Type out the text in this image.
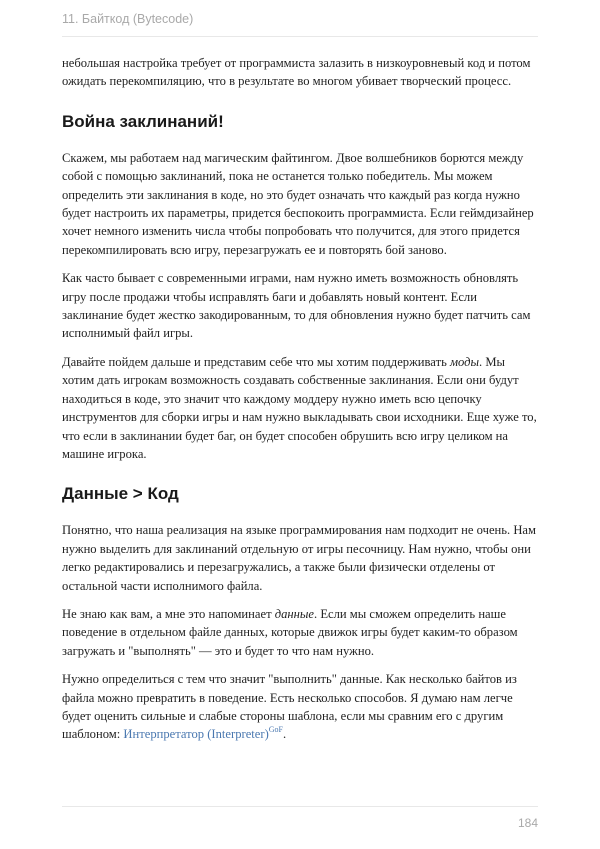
11. Байткод (Bytecode)

небольшая настройка требует от программиста залазить в низкоуровневый код и потом ожидать перекомпиляцию, что в результате во многом убивает творческий процесс.

Война заклинаний!

Скажем, мы работаем над магическим файтингом. Двое волшебников борются между собой с помощью заклинаний, пока не останется только победитель. Мы можем определить эти заклинания в коде, но это будет означать что каждый раз когда нужно будет настроить их параметры, придется беспокоить программиста. Если геймдизайнер хочет немного изменить числа чтобы попробовать что получится, для этого придется перекомпилировать всю игру, перезагружать ее и повторять бой заново.

Как часто бывает с современными играми, нам нужно иметь возможность обновлять игру после продажи чтобы исправлять баги и добавлять новый контент. Если заклинание будет жестко закодированным, то для обновления нужно будет патчить сам исполнимый файл игры.

Давайте пойдем дальше и представим себе что мы хотим поддерживать моды. Мы хотим дать игрокам возможность создавать собственные заклинания. Если они будут находиться в коде, это значит что каждому моддеру нужно иметь всю цепочку инструментов для сборки игры и нам нужно выкладывать свои исходники. Еще хуже то, что если в заклинании будет баг, он будет способен обрушить всю игру целиком на машине игрока.

Данные > Код

Понятно, что наша реализация на языке программирования нам подходит не очень. Нам нужно выделить для заклинаний отдельную от игры песочницу. Нам нужно, чтобы они легко редактировались и перезагружались, а также были физически отделены от остальной части исполнимого файла.

Не знаю как вам, а мне это напоминает данные. Если мы сможем определить наше поведение в отдельном файле данных, которые движок игры будет каким-то образом загружать и "выполнять" — это и будет то что нам нужно.

Нужно определиться с тем что значит "выполнить" данные. Как несколько байтов из файла можно превратить в поведение. Есть несколько способов. Я думаю нам легче будет оценить сильные и слабые стороны шаблона, если мы сравним его с другим шаблоном: Интерпретатор (Interpreter)$^{GoF}$.

184
